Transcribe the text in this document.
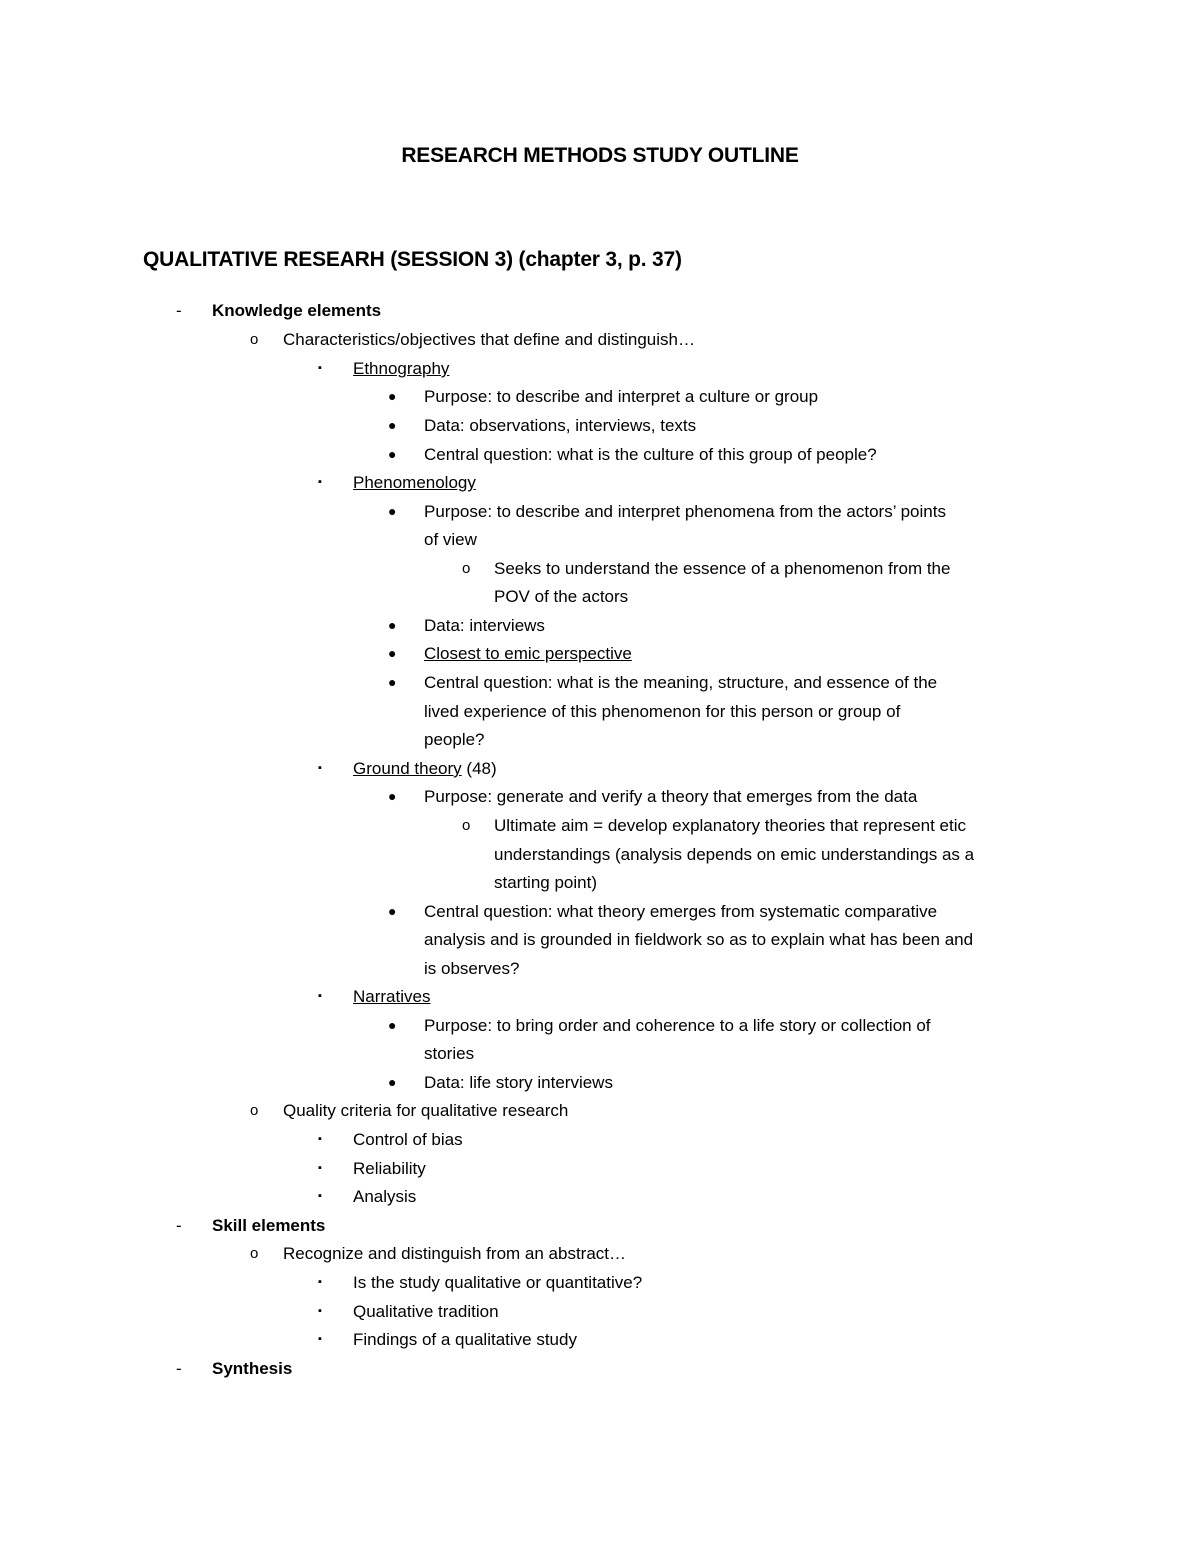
RESEARCH METHODS STUDY OUTLINE
QUALITATIVE RESEARH (SESSION 3) (chapter 3, p. 37)
- Knowledge elements
o Characteristics/objectives that define and distinguish…
▪ Ethnography
● Purpose: to describe and interpret a culture or group
● Data: observations, interviews, texts
● Central question: what is the culture of this group of people?
▪ Phenomenology
● Purpose: to describe and interpret phenomena from the actors’ points
of view
o Seeks to understand the essence of a phenomenon from the
POV of the actors
● Data: interviews
● Closest to emic perspective
● Central question: what is the meaning, structure, and essence of the
lived experience of this phenomenon for this person or group of
people?
▪ Ground theory (48)
● Purpose: generate and verify a theory that emerges from the data
o Ultimate aim = develop explanatory theories that represent etic
understandings (analysis depends on emic understandings as a
starting point)
● Central question: what theory emerges from systematic comparative
analysis and is grounded in fieldwork so as to explain what has been and
is observes?
▪ Narratives
● Purpose: to bring order and coherence to a life story or collection of
stories
● Data: life story interviews
o Quality criteria for qualitative research
▪ Control of bias
▪ Reliability
▪ Analysis
- Skill elements
o Recognize and distinguish from an abstract…
▪ Is the study qualitative or quantitative?
▪ Qualitative tradition
▪ Findings of a qualitative study
- Synthesis
